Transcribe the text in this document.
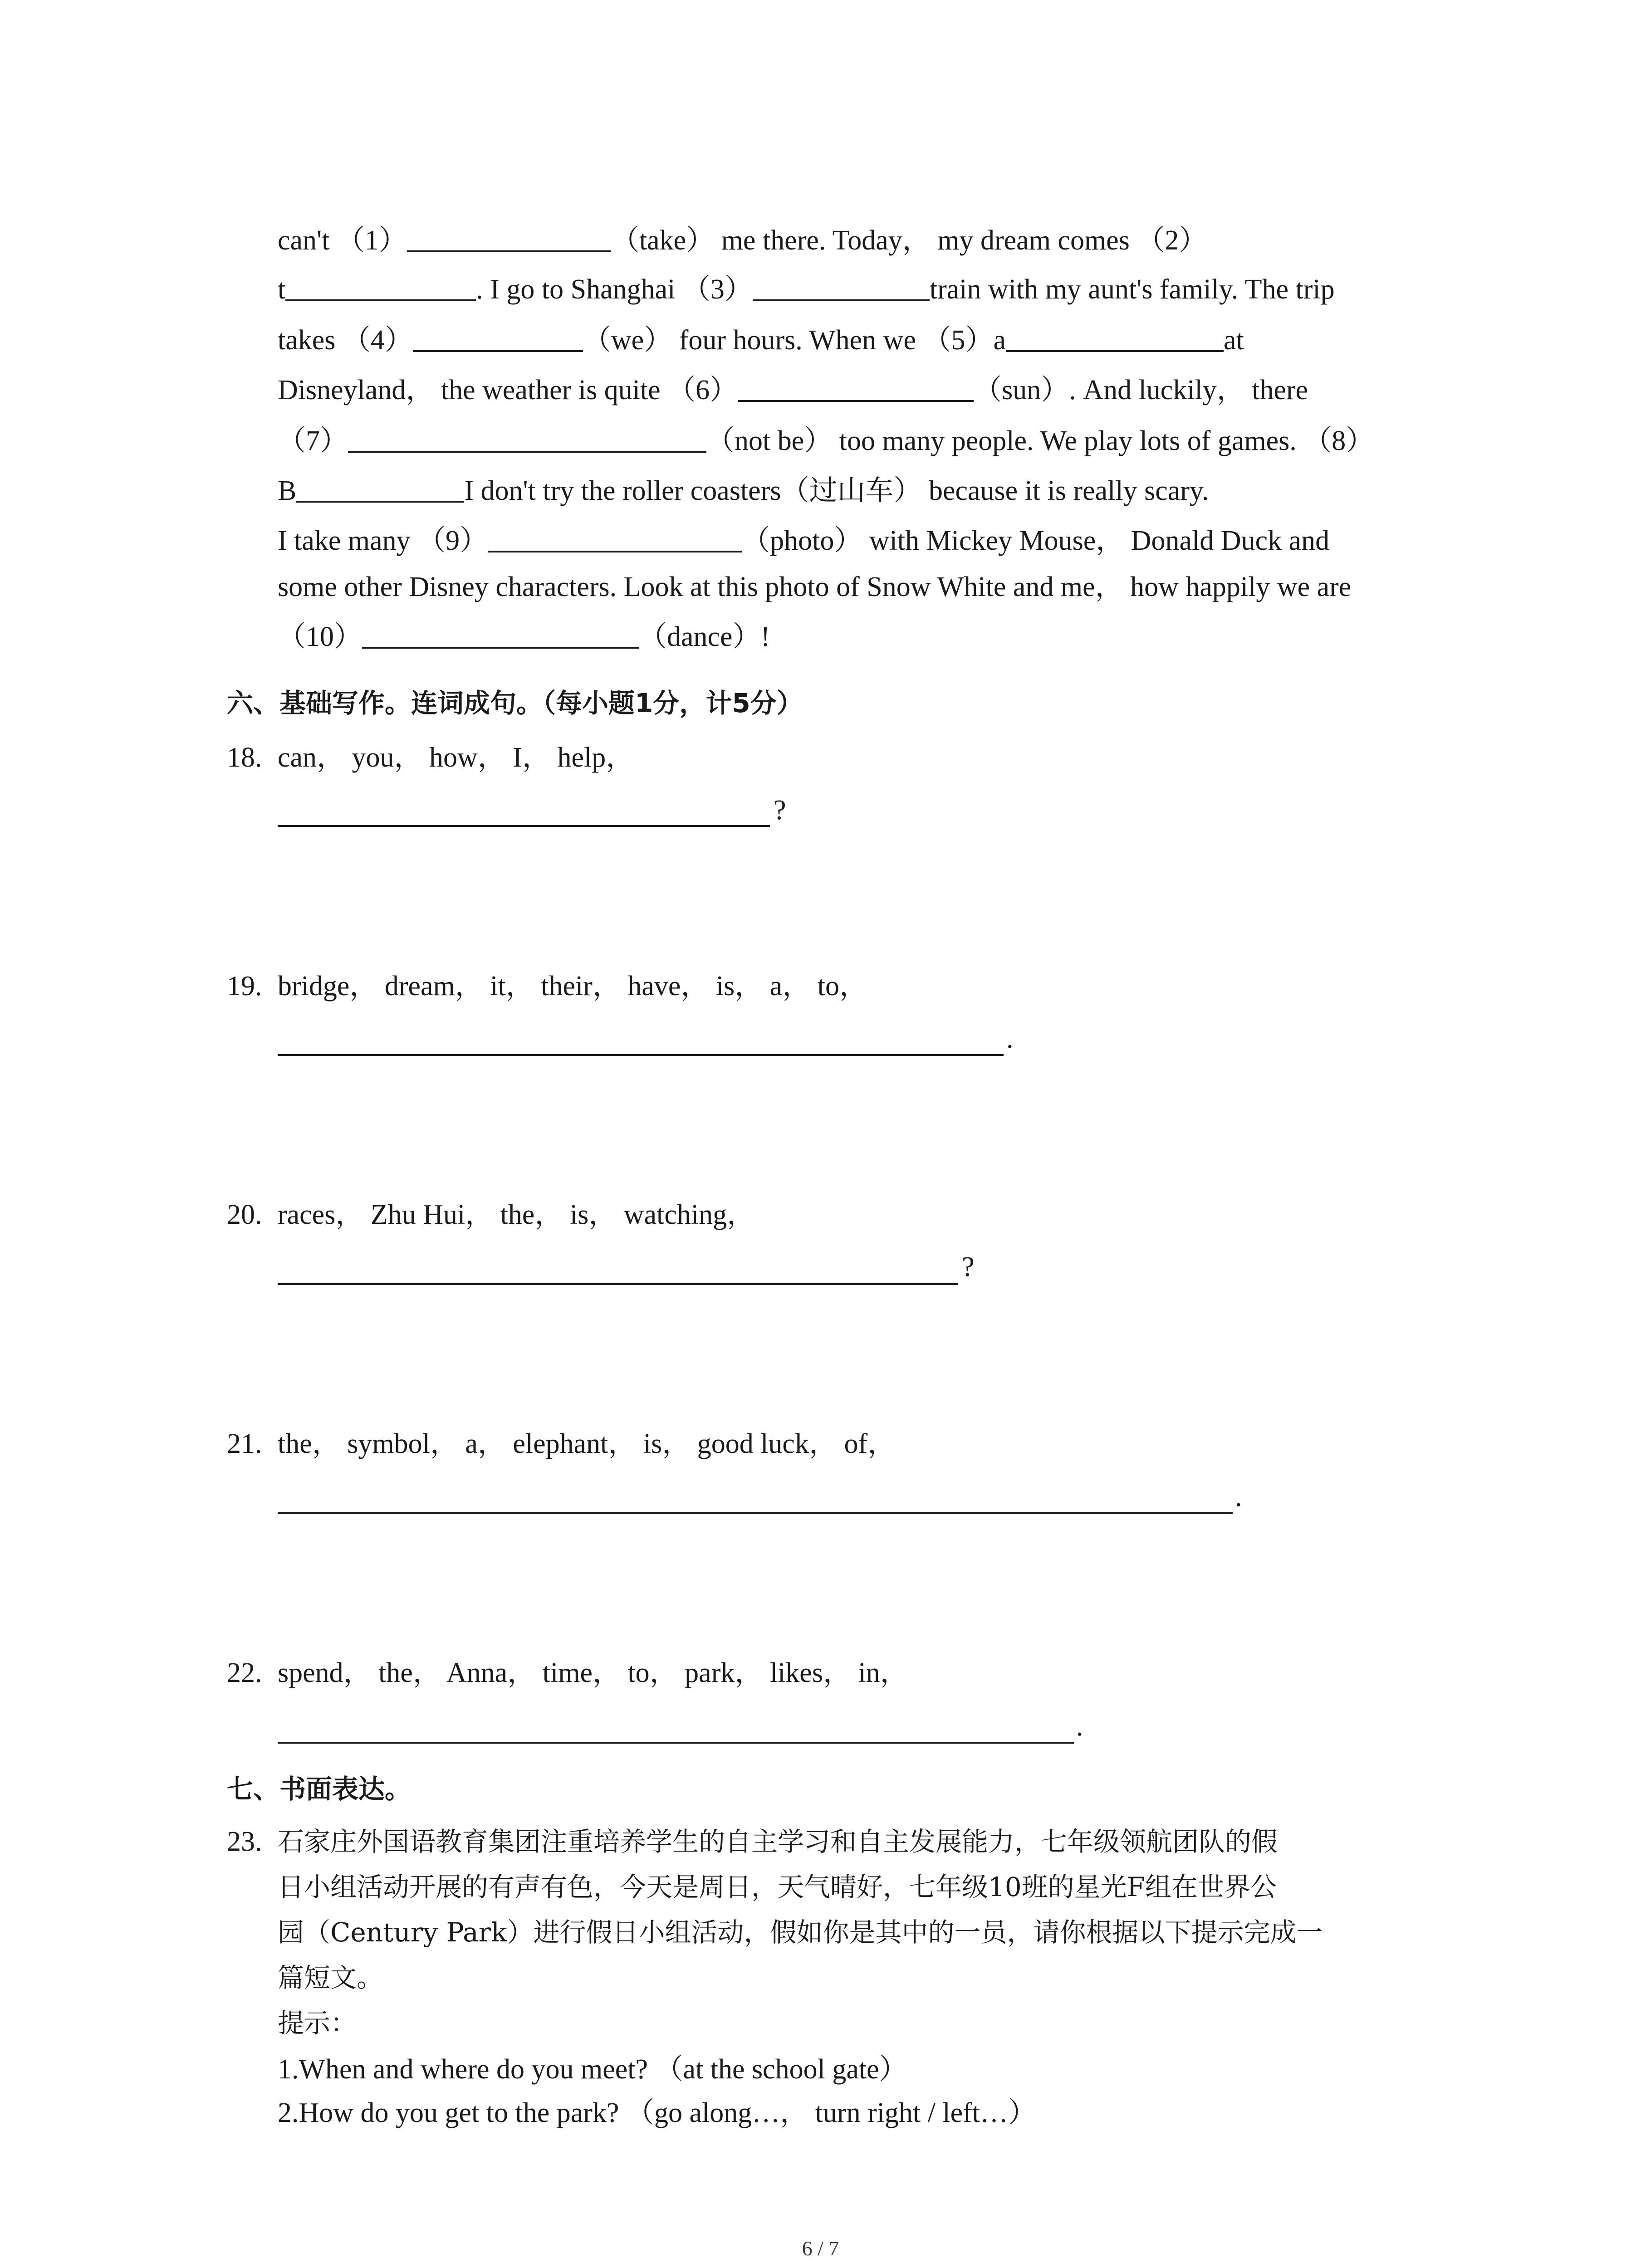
can't （1）	（take） me there. Today， my dream comes （2）
t	. I go to Shanghai （3）	train with my aunt's family. The trip
takes （4）	（we） four hours. When we （5）a	at
Disneyland， the weather is quite （6）	（sun）. And luckily， there
（7）	（not be） too many people. We play lots of games. （8）
B	I don't try the roller coasters（过山车） because it is really scary.
I take many （9）	（photo） with Mickey Mouse， Donald Duck and
some other Disney characters. Look at this photo of Snow White and me， how happily we are
（10）	（dance）!
六、基础写作。连词成句。（每小题1分，计5分）
18. can， you， how， I， help，
?
19. bridge， dream， it， their， have， is， a， to，
.
20. races， Zhu Hui， the， is， watching，
?
21. the， symbol， a， elephant， is， good luck， of，
.
22. spend， the， Anna， time， to， park， likes， in，
.
七、书面表达。
23. 石家庄外国语教育集团注重培养学生的自主学习和自主发展能力，七年级领航团队的假
日小组活动开展的有声有色，今天是周日，天气晴好，七年级10班的星光F组在世界公
园（Century Park）进行假日小组活动，假如你是其中的一员，请你根据以下提示完成一
篇短文。
提示：
1.When and where do you meet? （at the school gate）
2.How do you get to the park? （go along…， turn right / left…）
6 / 7
